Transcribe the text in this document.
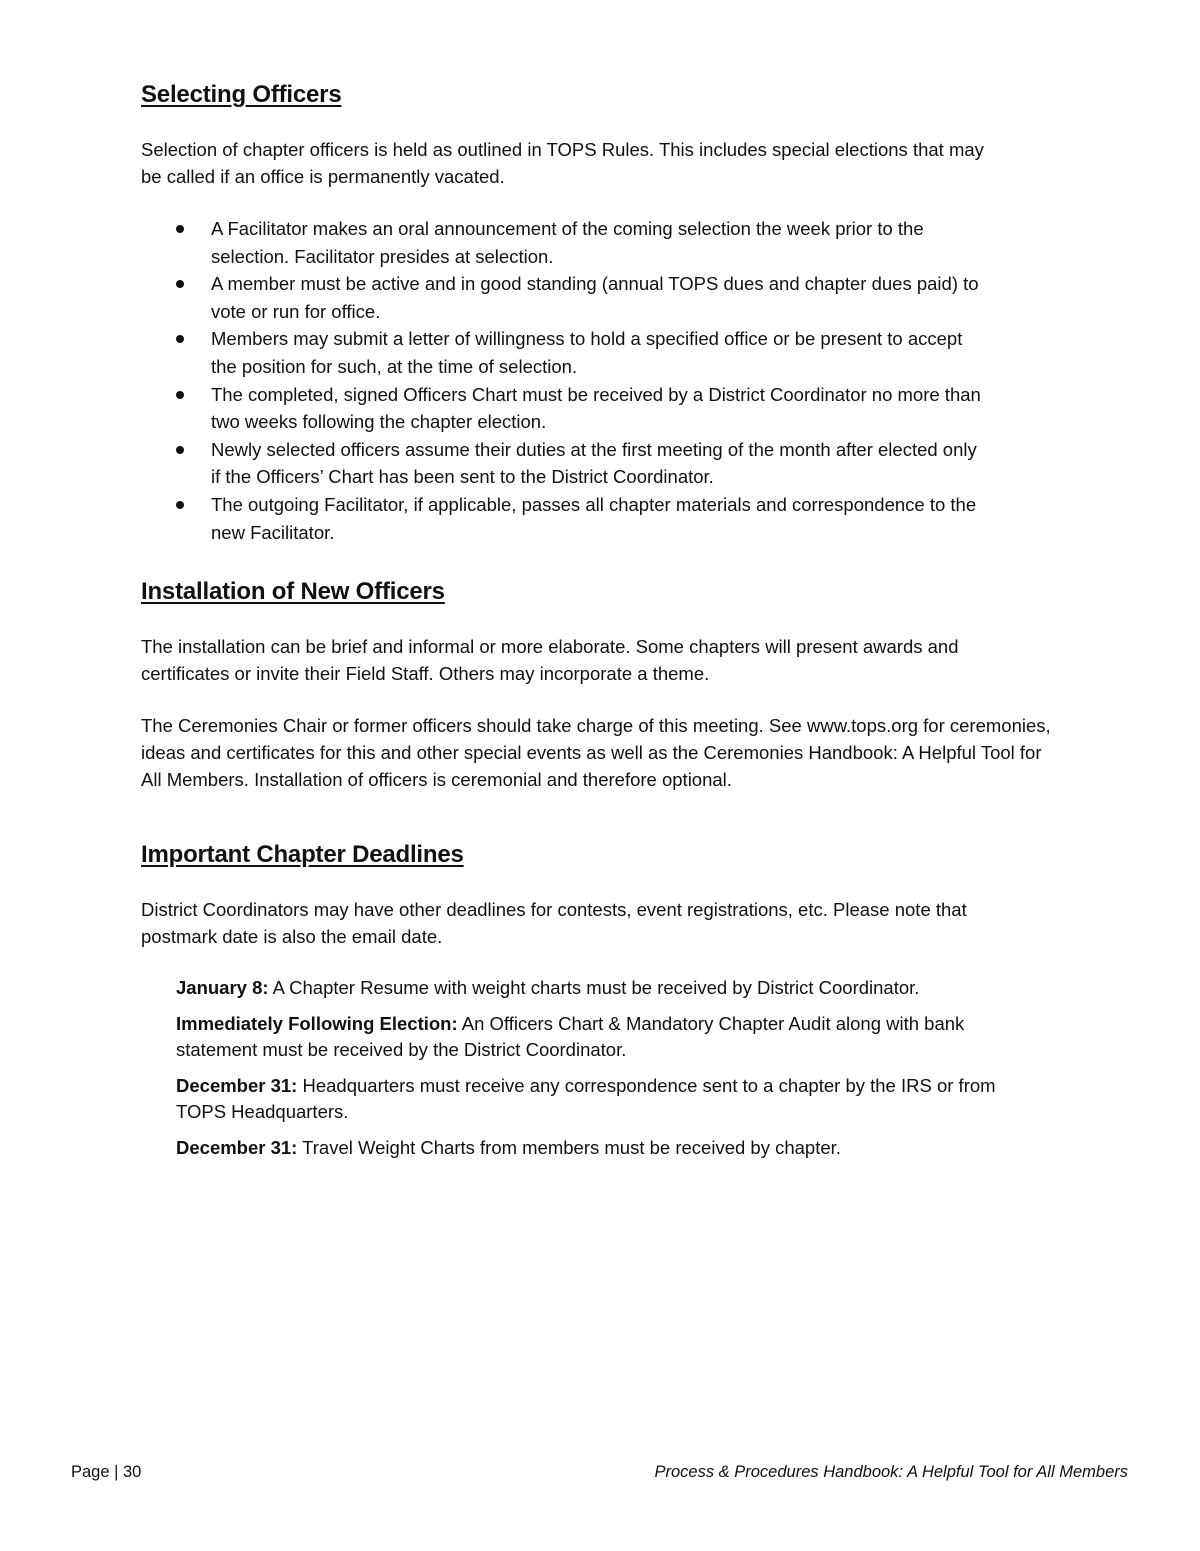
Selecting Officers

Selection of chapter officers is held as outlined in TOPS Rules. This includes special elections that may be called if an office is permanently vacated.

A Facilitator makes an oral announcement of the coming selection the week prior to the selection. Facilitator presides at selection.
A member must be active and in good standing (annual TOPS dues and chapter dues paid) to vote or run for office.
Members may submit a letter of willingness to hold a specified office or be present to accept the position for such, at the time of selection.
The completed, signed Officers Chart must be received by a District Coordinator no more than two weeks following the chapter election.
Newly selected officers assume their duties at the first meeting of the month after elected only if the Officers’ Chart has been sent to the District Coordinator.
The outgoing Facilitator, if applicable, passes all chapter materials and correspondence to the new Facilitator.
Installation of New Officers

The installation can be brief and informal or more elaborate. Some chapters will present awards and certificates or invite their Field Staff. Others may incorporate a theme.

The Ceremonies Chair or former officers should take charge of this meeting. See www.tops.org for ceremonies, ideas and certificates for this and other special events as well as the Ceremonies Handbook: A Helpful Tool for All Members. Installation of officers is ceremonial and therefore optional.

Important Chapter Deadlines

District Coordinators may have other deadlines for contests, event registrations, etc. Please note that postmark date is also the email date.

January 8: A Chapter Resume with weight charts must be received by District Coordinator.

Immediately Following Election: An Officers Chart & Mandatory Chapter Audit along with bank statement must be received by the District Coordinator.

December 31: Headquarters must receive any correspondence sent to a chapter by the IRS or from TOPS Headquarters.

December 31: Travel Weight Charts from members must be received by chapter.

Page | 30	Process & Procedures Handbook: A Helpful Tool for All Members
